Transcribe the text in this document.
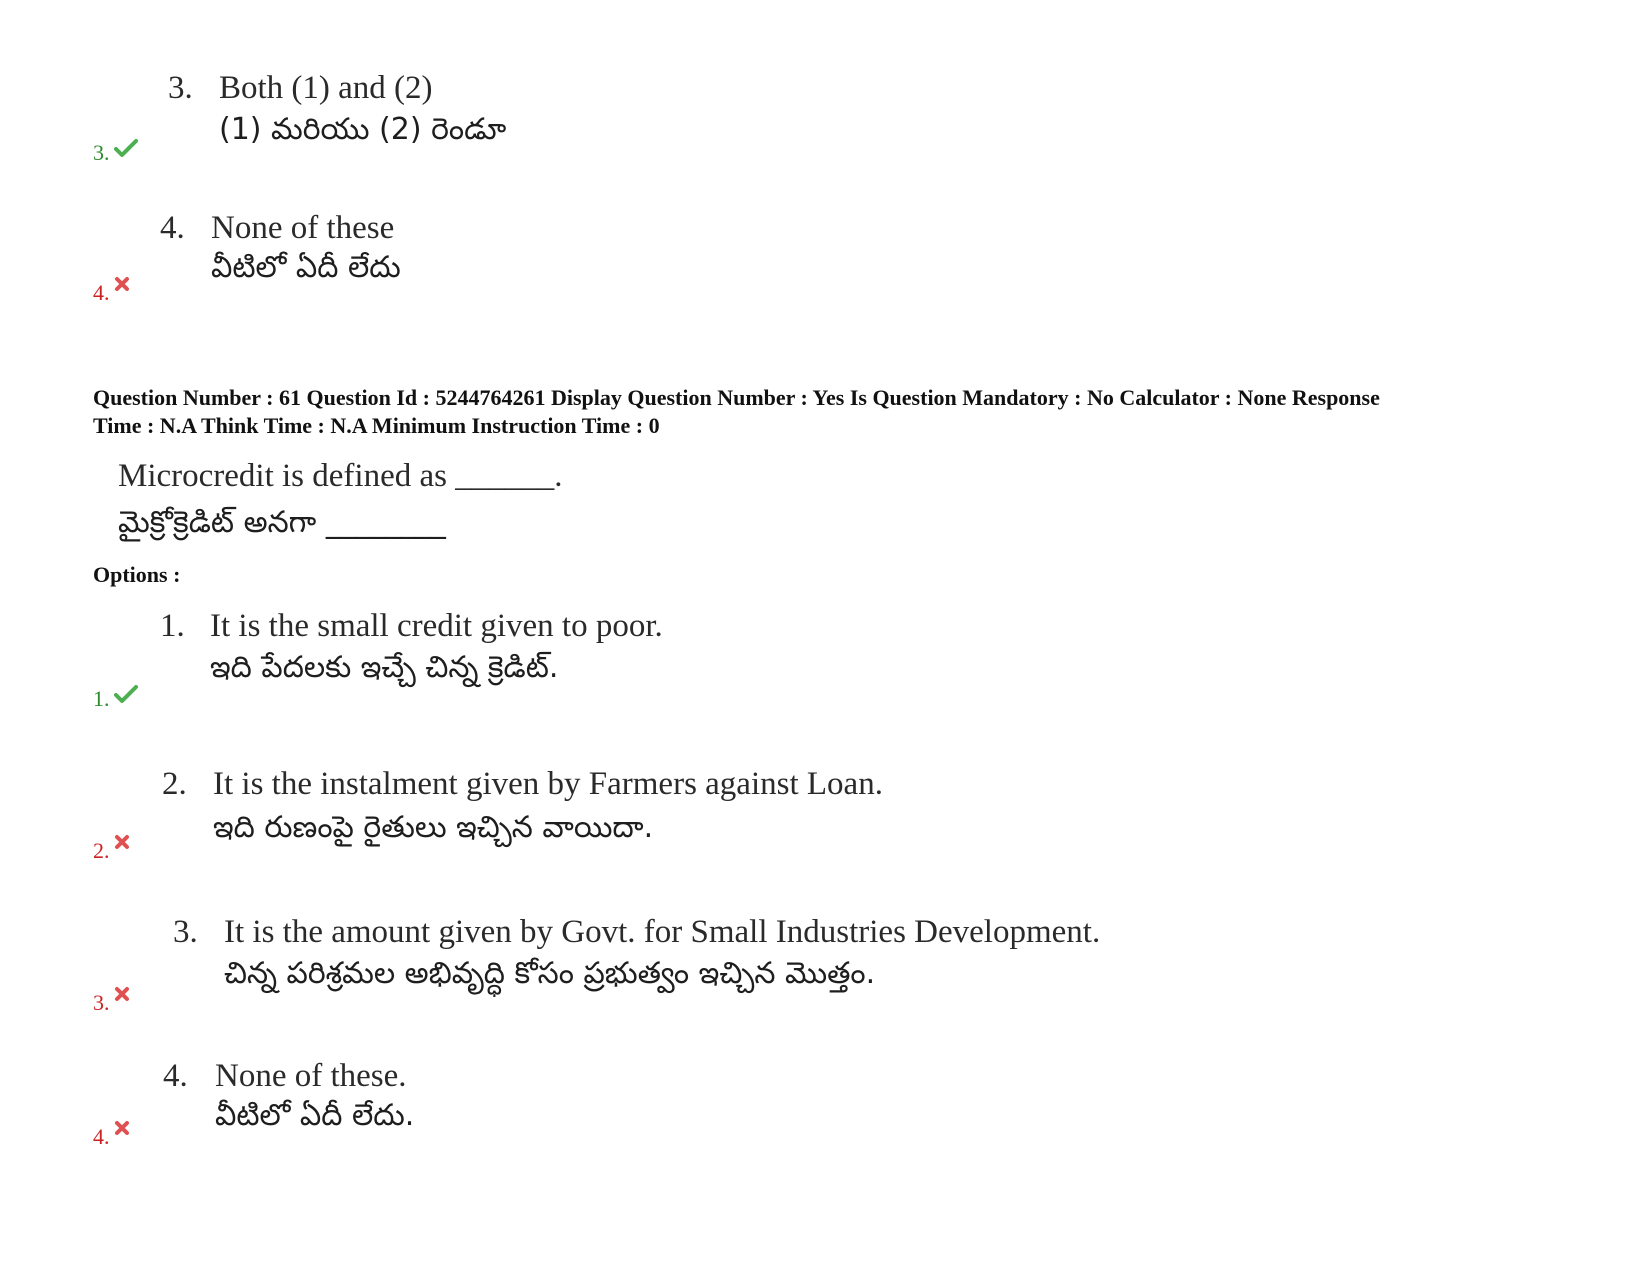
3. Both (1) and (2)
(1) మరియు (2) రెండూ
3.
4. None of these
వీటిలో ఏదీ లేదు
4.
Question Number : 61 Question Id : 5244764261 Display Question Number : Yes Is Question Mandatory : No Calculator : None Response
Time : N.A Think Time : N.A Minimum Instruction Time : 0
Microcredit is defined as ______.
మైక్రోక్రెడిట్ అనగా ________
Options :
1. It is the small credit given to poor.
ఇది పేదలకు ఇచ్చే చిన్న క్రెడిట్.
1.
2. It is the instalment given by Farmers against Loan.
ఇది రుణంపై రైతులు ఇచ్చిన వాయిదా.
2.
3. It is the amount given by Govt. for Small Industries Development.
చిన్న పరిశ్రమల అభివృద్ధి కోసం ప్రభుత్వం ఇచ్చిన మొత్తం.
3.
4. None of these.
వీటిలో ఏదీ లేదు.
4.
